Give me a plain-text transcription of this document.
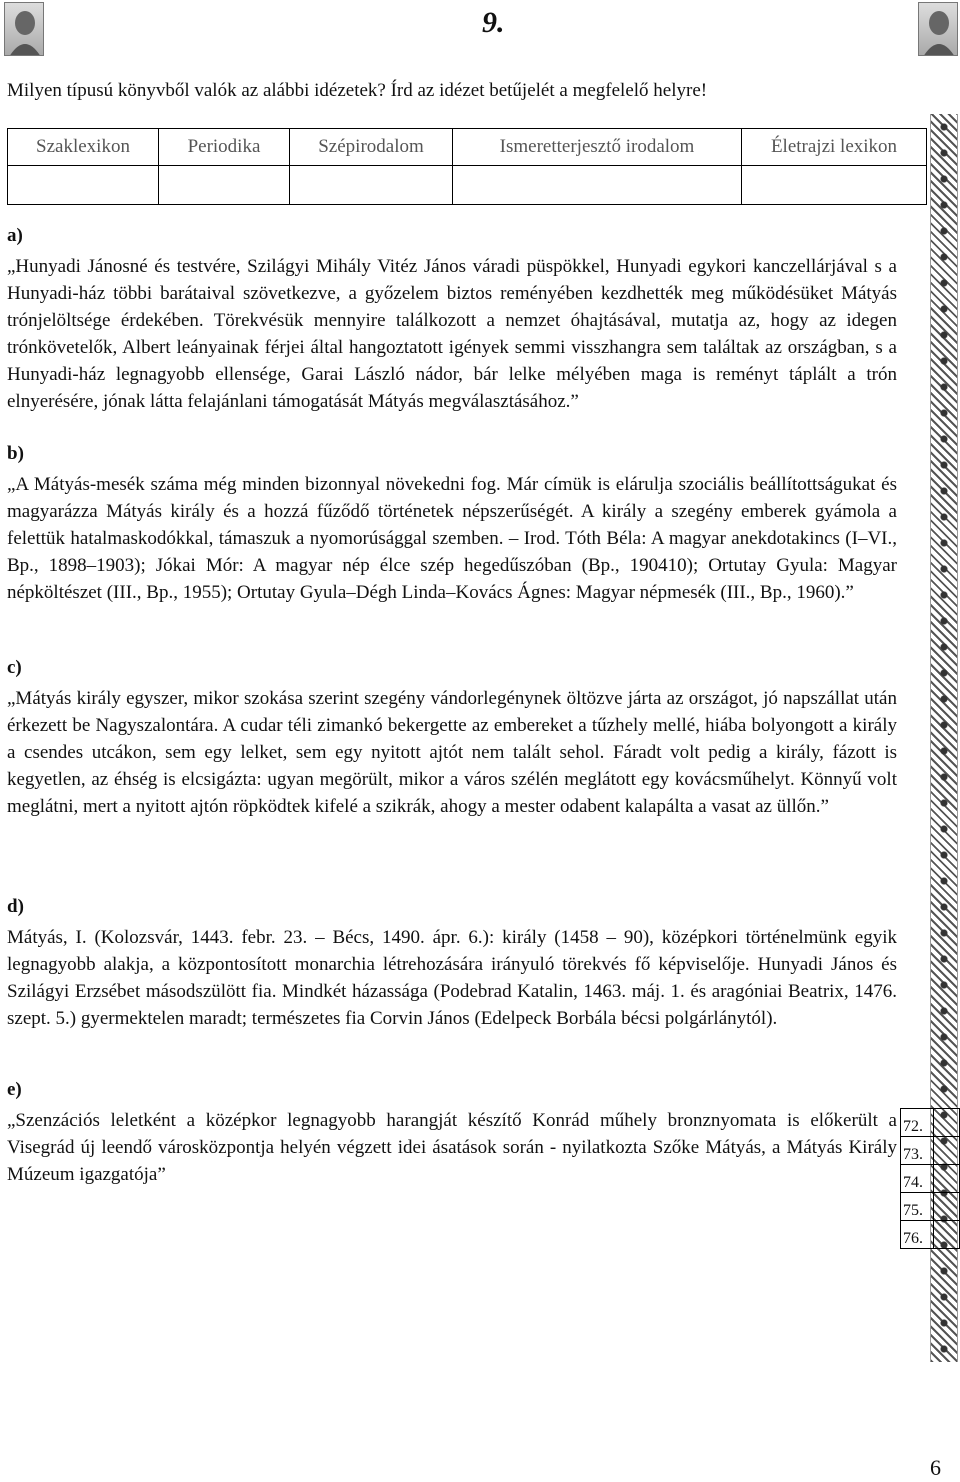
9.

Milyen típusú könyvből valók az alábbi idézetek? Írd az idézet betűjelét a megfelelő helyre!

Szaklexikon	Periodika	Szépirodalom	Ismeretterjesztő irodalom	Életrajzi lexikon

a)

„Hunyadi Jánosné és testvére, Szilágyi Mihály Vitéz János váradi püspökkel, Hunyadi egykori kanczellárjával s a Hunyadi-ház többi barátaival szövetkezve, a győzelem biztos reményében kezdhették meg működésüket Mátyás trónjelöltsége érdekében. Törekvésük mennyire találkozott a nemzet óhajtásával, mutatja az, hogy az idegen trónkövetelők, Albert leányainak férjei által hangoztatott igények semmi visszhangra sem találtak az országban, s a Hunyadi-ház legnagyobb ellensége, Garai László nádor, bár lelke mélyében maga is reményt táplált a trón elnyerésére, jónak látta felajánlani támogatását Mátyás megválasztásához.”

b)

„A Mátyás-mesék száma még minden bizonnyal növekedni fog. Már címük is elárulja szociális beállítottságukat és magyarázza Mátyás király és a hozzá fűződő történetek népszerűségét. A király a szegény emberek gyámola a felettük hatalmaskodókkal, támaszuk a nyomorúsággal szemben. – Irod. Tóth Béla: A magyar anekdotakincs (I–VI., Bp., 1898–1903); Jókai Mór: A magyar nép élce szép hegedűszóban (Bp., 190410); Ortutay Gyula: Magyar népköltészet (III., Bp., 1955); Ortutay Gyula–Dégh Linda–Kovács Ágnes: Magyar népmesék (III., Bp., 1960).”

c)

„Mátyás király egyszer, mikor szokása szerint szegény vándorlegénynek öltözve járta az országot, jó napszállat után érkezett be Nagyszalontára. A cudar téli zimankó bekergette az embereket a tűzhely mellé, hiába bolyongott a király a csendes utcákon, sem egy lelket, sem egy nyitott ajtót nem talált sehol. Fáradt volt pedig a király, fázott is kegyetlen, az éhség is elcsigázta: ugyan megörült, mikor a város szélén meglátott egy kovácsműhelyt. Könnyű volt meglátni, mert a nyitott ajtón röpködtek kifelé a szikrák, ahogy a mester odabent kalapálta a vasat az üllőn.”

d)

Mátyás, I. (Kolozsvár, 1443. febr. 23. – Bécs, 1490. ápr. 6.): király (1458 – 90), középkori történelmünk egyik legnagyobb alakja, a központosított monarchia létrehozására irányuló törekvés fő képviselője. Hunyadi János és Szilágyi Erzsébet másodszülött fia. Mindkét házassága (Podebrad Katalin, 1463. máj. 1. és aragóniai Beatrix, 1476. szept. 5.) gyermektelen maradt; természetes fia Corvin János (Edelpeck Borbála bécsi polgárlánytól).

e)

„Szenzációs leletként a középkor legnagyobb harangját készítő Konrád műhely bronznyomata is előkerült a Visegrád új leendő városközpontja helyén végzett idei ásatások során - nyilatkozta Szőke Mátyás, a Mátyás Király Múzeum igazgatója”

72.	
73.	
74.	
75.	
76.	
6
